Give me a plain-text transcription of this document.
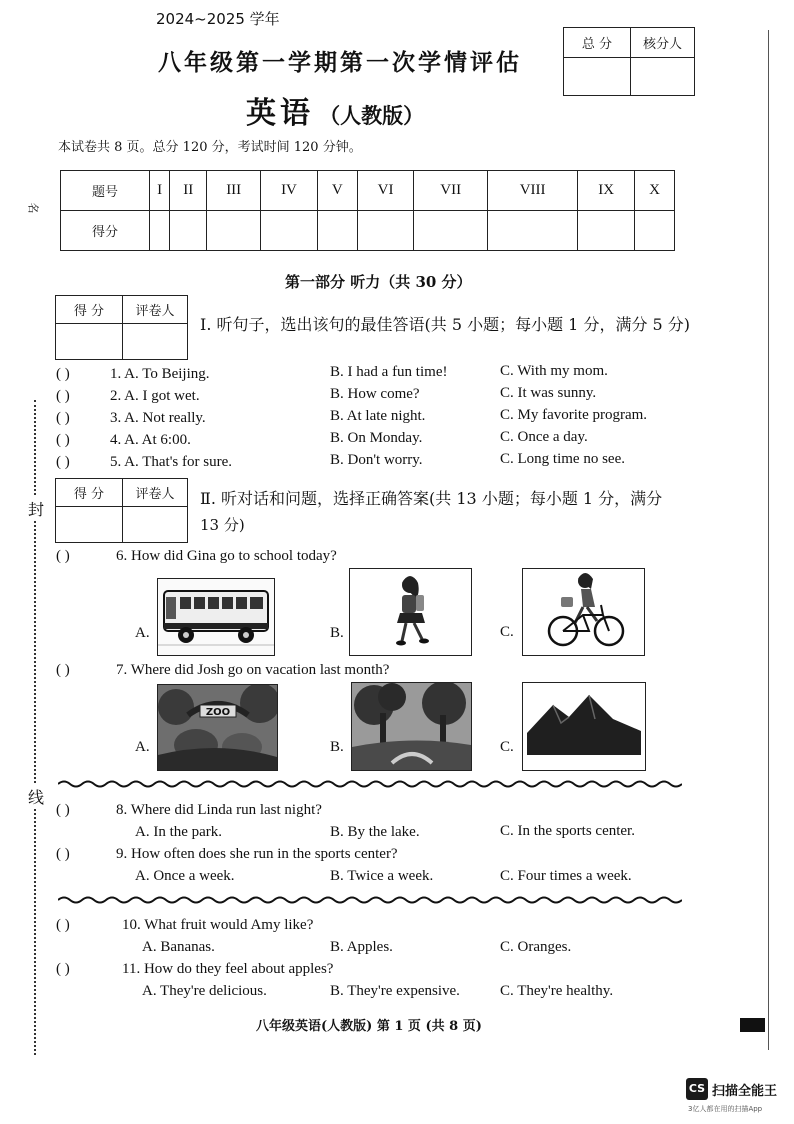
名
封
线
2024~2025 学年
八年级第一学期第一次学情评估
英语 （人教版）
本试卷共 8 页。总分 120 分，考试时间 120 分钟。
总 分	核分人

题号	I	II	III	IV	V	VI	VII	VIII	IX	X
得分										
第一部分 听力（共 30 分）
得 分	评卷人

Ⅰ. 听句子，选出该句的最佳答语(共 5 小题；每小题 1 分，满分 5 分)
( )	1. A. To Beijing.	B. I had a fun time!	C. With my mom.
( )	2. A. I got wet.	B. How come?	C. It was sunny.
( )	3. A. Not really.	B. At late night.	C. My favorite program.
( )	4. A. At 6:00.	B. On Monday.	C. Once a day.
( )	5. A. That's for sure.	B. Don't worry.	C. Long time no see.
得 分	评卷人
	Ⅱ. 听对话和问题，选择正确答案(共 13 小题；每小题 1 分，满分
13 分)
( )	6. How did Gina go to school today?
A.	B.	C.
( )	7. Where did Josh go on vacation last month?
A.
ZOO
B.	C.
( )	8. Where did Linda run last night?
A. In the park.	B. By the lake.	C. In the sports center.
( )	9. How often does she run in the sports center?
A. Once a week.	B. Twice a week.	C. Four times a week.
( )	10. What fruit would Amy like?
A. Bananas.	B. Apples.	C. Oranges.
( )	11. How do they feel about apples?
A. They're delicious.	B. They're expensive.	C. They're healthy.
八年级英语(人教版) 第 1 页 (共 8 页)
CS 扫描全能王
3亿人都在用的扫描App
